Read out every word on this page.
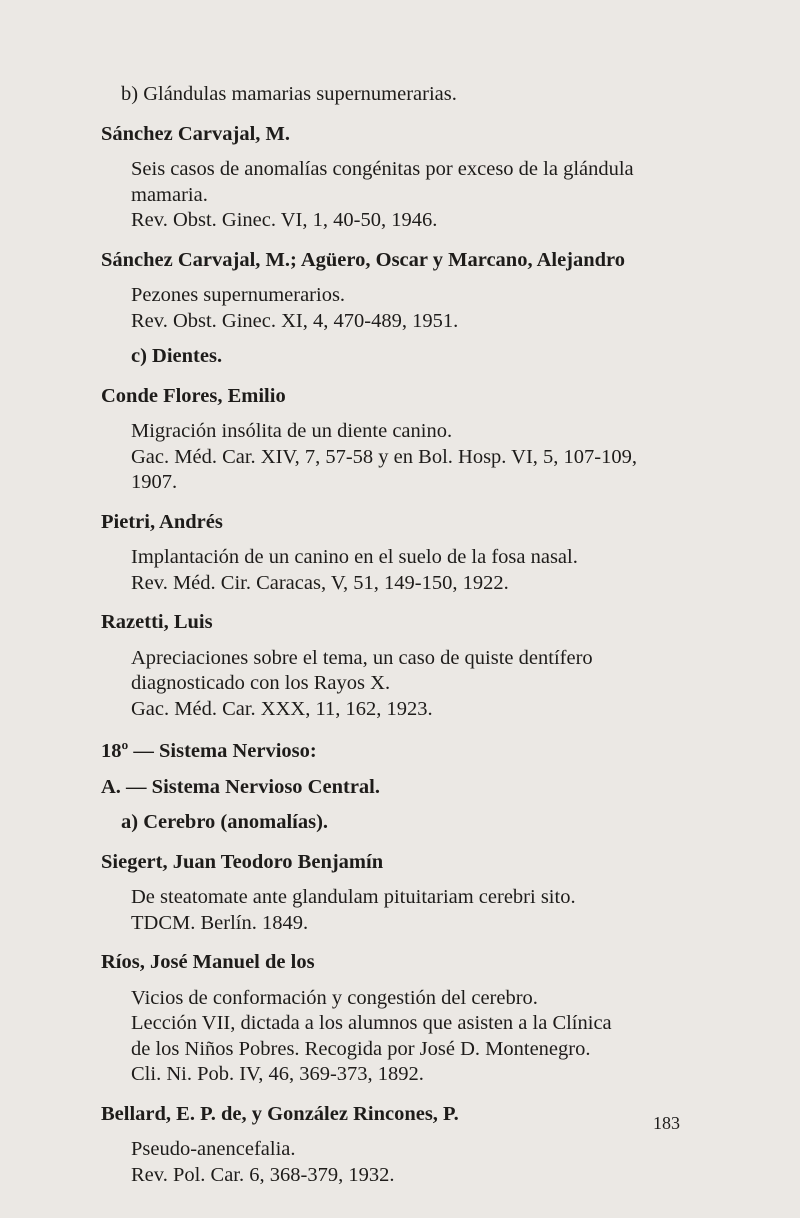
b) Glándulas mamarias supernumerarias.
Sánchez Carvajal, M.
Seis casos de anomalías congénitas por exceso de la glándula
mamaria.
Rev. Obst. Ginec. VI, 1, 40-50, 1946.
Sánchez Carvajal, M.; Agüero, Oscar y Marcano, Alejandro
Pezones supernumerarios.
Rev. Obst. Ginec. XI, 4, 470-489, 1951.
c) Dientes.
Conde Flores, Emilio
Migración insólita de un diente canino.
Gac. Méd. Car. XIV, 7, 57-58 y en Bol. Hosp. VI, 5, 107-109,
1907.
Pietri, Andrés
Implantación de un canino en el suelo de la fosa nasal.
Rev. Méd. Cir. Caracas, V, 51, 149-150, 1922.
Razetti, Luis
Apreciaciones sobre el tema, un caso de quiste dentífero
diagnosticado con los Rayos X.
Gac. Méd. Car. XXX, 11, 162, 1923.
18º — Sistema Nervioso:
A. — Sistema Nervioso Central.
a) Cerebro (anomalías).
Siegert, Juan Teodoro Benjamín
De steatomate ante glandulam pituitariam cerebri sito.
TDCM. Berlín. 1849.
Ríos, José Manuel de los
Vicios de conformación y congestión del cerebro.
Lección VII, dictada a los alumnos que asisten a la Clínica
de los Niños Pobres. Recogida por José D. Montenegro.
Cli. Ni. Pob. IV, 46, 369-373, 1892.
Bellard, E. P. de, y González Rincones, P.
Pseudo-anencefalia.
Rev. Pol. Car. 6, 368-379, 1932.
183
